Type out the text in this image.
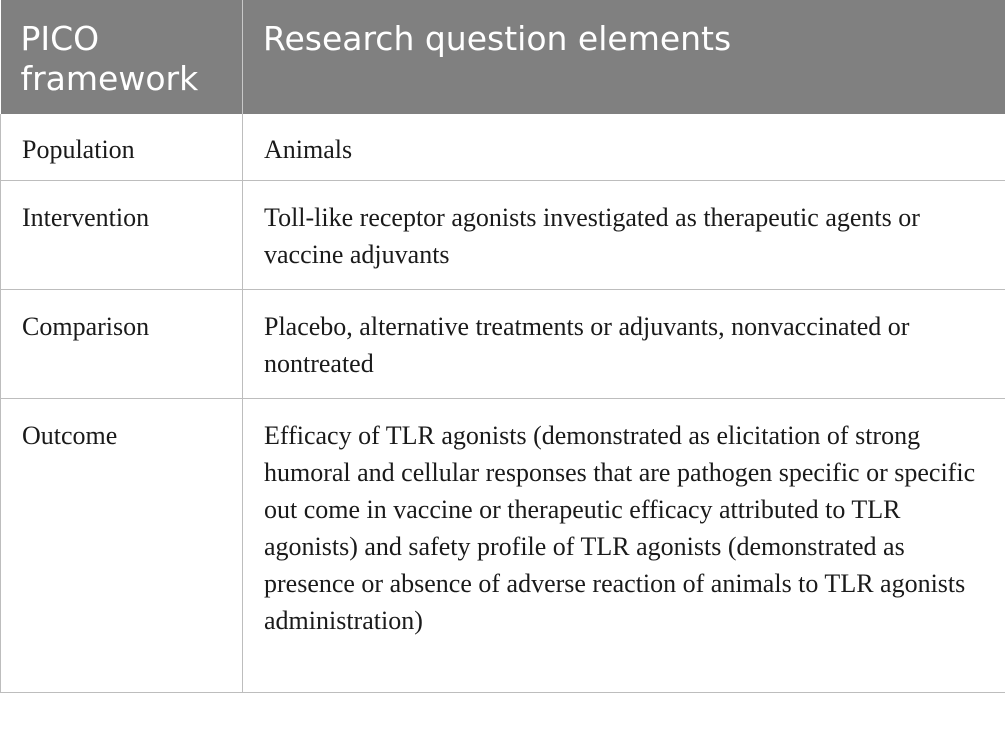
PICO framework	Research question elements
Population	Animals
Intervention	Toll-like receptor agonists investigated as therapeutic agents or vaccine adjuvants
Comparison	Placebo, alternative treatments or adjuvants, nonvaccinated or nontreated
Outcome	Efficacy of TLR agonists (demonstrated as elicitation of strong humoral and cellular responses that are pathogen specific or specific out come in vaccine or therapeutic efficacy attributed to TLR agonists) and safety profile of TLR agonists (demonstrated as presence or absence of adverse reaction of animals to TLR agonists administration)
